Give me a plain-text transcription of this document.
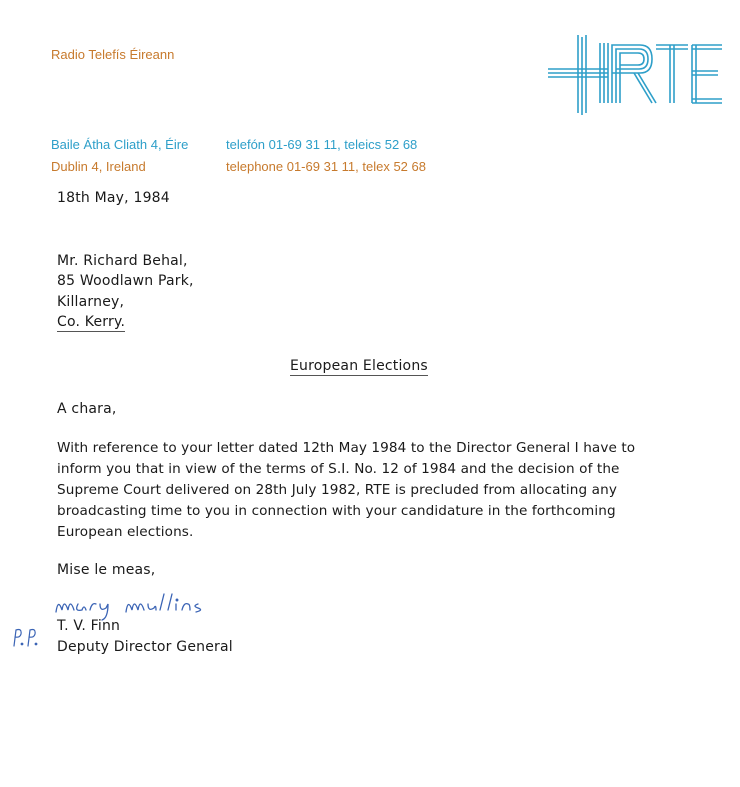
Radio Telefís Éireann
Baile Átha Cliath 4, Éire	telefón 01-69 31 11, teleics 52 68
Dublin 4, Ireland	telephone 01-69 31 11, telex 52 68
18th May, 1984
Mr. Richard Behal,
85 Woodlawn Park,
Killarney,
Co. Kerry.
European Elections
A chara,
With reference to your letter dated 12th May 1984 to the Director General I have to
inform you that in view of the terms of S.I. No. 12 of 1984 and the decision of the
Supreme Court delivered on 28th July 1982, RTE is precluded from allocating any
broadcasting time to you in connection with your candidature in the forthcoming
European elections.
Mise le meas,
T. V. Finn
Deputy Director General
